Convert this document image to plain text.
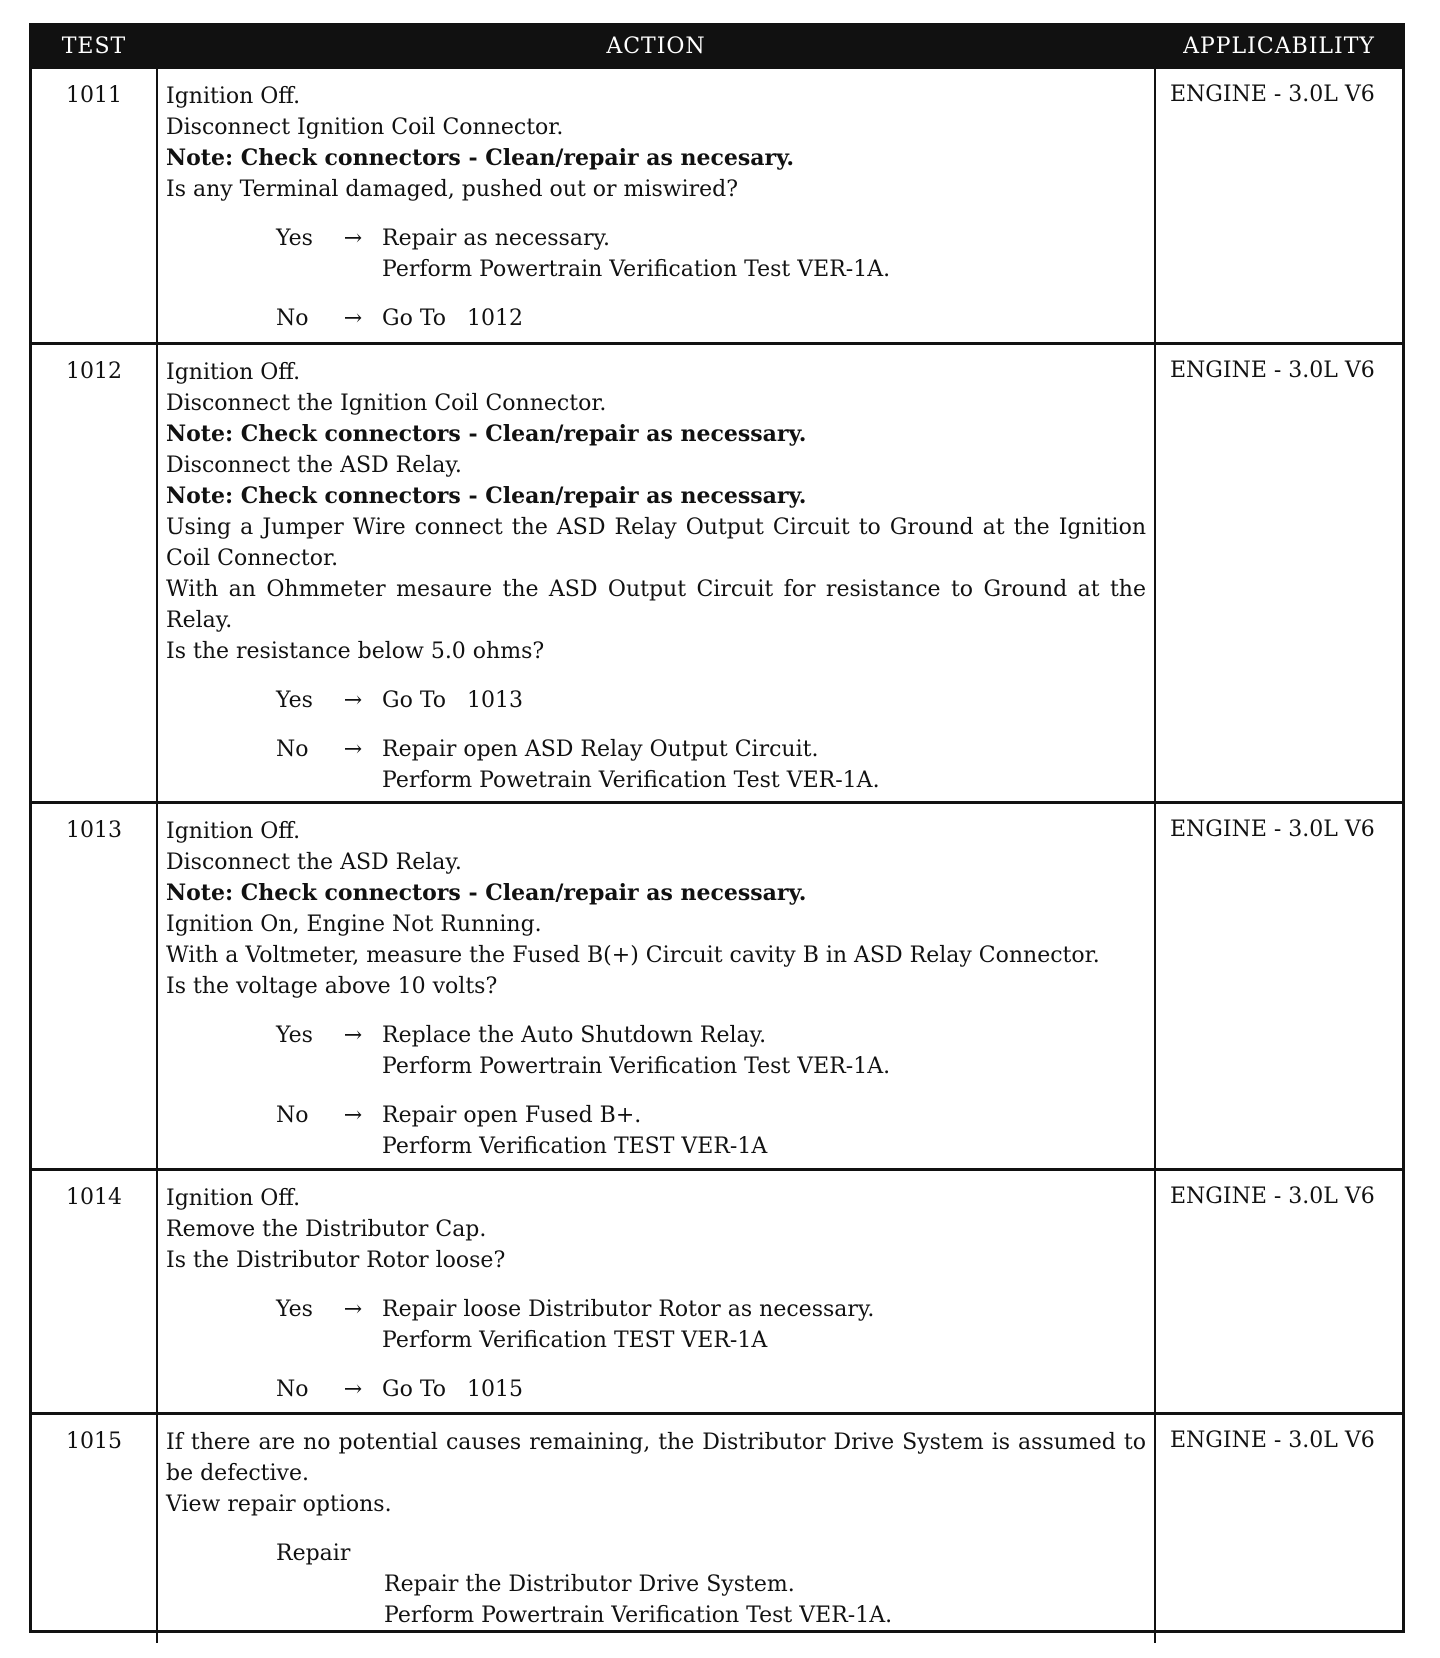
TEST	ACTION	APPLICABILITY
1011	Ignition Off.
Disconnect Ignition Coil Connector.
Note: Check connectors - Clean/repair as necesary.
Is any Terminal damaged, pushed out or miswired?
Yes	→ Repair as necessary.
Perform Powertrain Verification Test VER-1A.
No	→ Go To   1012
ENGINE - 3.0L V6
1012	Ignition Off.
Disconnect the Ignition Coil Connector.
Note: Check connectors - Clean/repair as necessary.
Disconnect the ASD Relay.
Note: Check connectors - Clean/repair as necessary.
Using a Jumper Wire connect the ASD Relay Output Circuit to Ground at the Ignition Coil Connector.
With an Ohmmeter mesaure the ASD Output Circuit for resistance to Ground at the Relay.
Is the resistance below 5.0 ohms?
Yes	→ Go To   1013
No	→ Repair open ASD Relay Output Circuit.
Perform Powetrain Verification Test VER-1A.
ENGINE - 3.0L V6
1013	Ignition Off.
Disconnect the ASD Relay.
Note: Check connectors - Clean/repair as necessary.
Ignition On, Engine Not Running.
With a Voltmeter, measure the Fused B(+) Circuit cavity B in ASD Relay Connector.
Is the voltage above 10 volts?
Yes	→ Replace the Auto Shutdown Relay.
Perform Powertrain Verification Test VER-1A.
No	→ Repair open Fused B+.
Perform Verification TEST VER-1A
ENGINE - 3.0L V6
1014	Ignition Off.
Remove the Distributor Cap.
Is the Distributor Rotor loose?
Yes	→ Repair loose Distributor Rotor as necessary.
Perform Verification TEST VER-1A
No	→ Go To   1015
ENGINE - 3.0L V6
1015	If there are no potential causes remaining, the Distributor Drive System is assumed to be defective.
View repair options.
Repair
Repair the Distributor Drive System.
Perform Powertrain Verification Test VER-1A.
ENGINE - 3.0L V6
